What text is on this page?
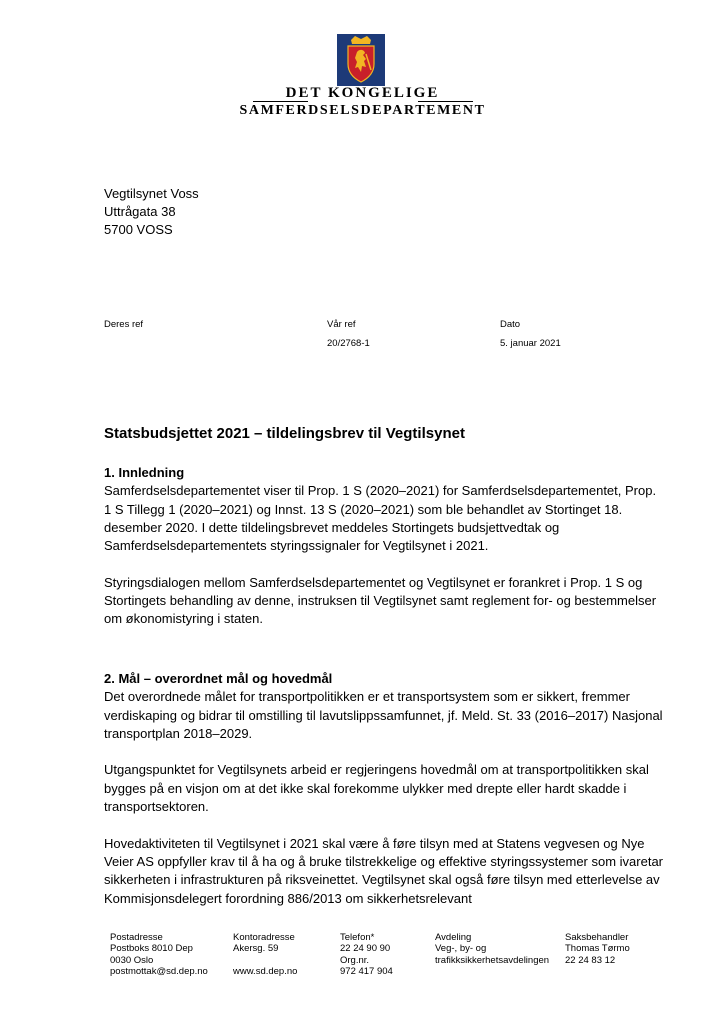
DET KONGELIGE
SAMFERDSELSDEPARTEMENT
Vegtilsynet Voss
Uttrågata 38
5700 VOSS
Deres ref	Vår ref
20/2768-1
Dato
5. januar 2021
Statsbudsjettet 2021 – tildelingsbrev til Vegtilsynet
1. Innledning

Samferdselsdepartementet viser til Prop. 1 S (2020–2021) for Samferdselsdepartementet, Prop. 1 S Tillegg 1 (2020–2021) og Innst. 13 S (2020–2021) som ble behandlet av Stortinget 18. desember 2020. I dette tildelingsbrevet meddeles Stortingets budsjettvedtak og Samferdselsdepartementets styringssignaler for Vegtilsynet i 2021.

Styringsdialogen mellom Samferdselsdepartementet og Vegtilsynet er forankret i Prop. 1 S og Stortingets behandling av denne, instruksen til Vegtilsynet samt reglement for- og bestemmelser om økonomistyring i staten.

2. Mål – overordnet mål og hovedmål

Det overordnede målet for transportpolitikken er et transportsystem som er sikkert, fremmer verdiskaping og bidrar til omstilling til lavutslippssamfunnet, jf. Meld. St. 33 (2016–2017) Nasjonal transportplan 2018–2029.

Utgangspunktet for Vegtilsynets arbeid er regjeringens hovedmål om at transportpolitikken skal bygges på en visjon om at det ikke skal forekomme ulykker med drepte eller hardt skadde i transportsektoren.

Hovedaktiviteten til Vegtilsynet i 2021 skal være å føre tilsyn med at Statens vegvesen og Nye Veier AS oppfyller krav til å ha og å bruke tilstrekkelige og effektive styringssystemer som ivaretar sikkerheten i infrastrukturen på riksveinettet. Vegtilsynet skal også føre tilsyn med etterlevelse av Kommisjonsdelegert forordning 886/2013 om sikkerhetsrelevant

Postadresse
Postboks 8010 Dep
0030 Oslo
postmottak@sd.dep.no
Kontoradresse
Akersg. 59

www.sd.dep.no
Telefon*
22 24 90 90
Org.nr.
972 417 904
Avdeling
Veg-, by- og
trafikksikkerhetsavdelingen
Saksbehandler
Thomas Tørmo
22 24 83 12
